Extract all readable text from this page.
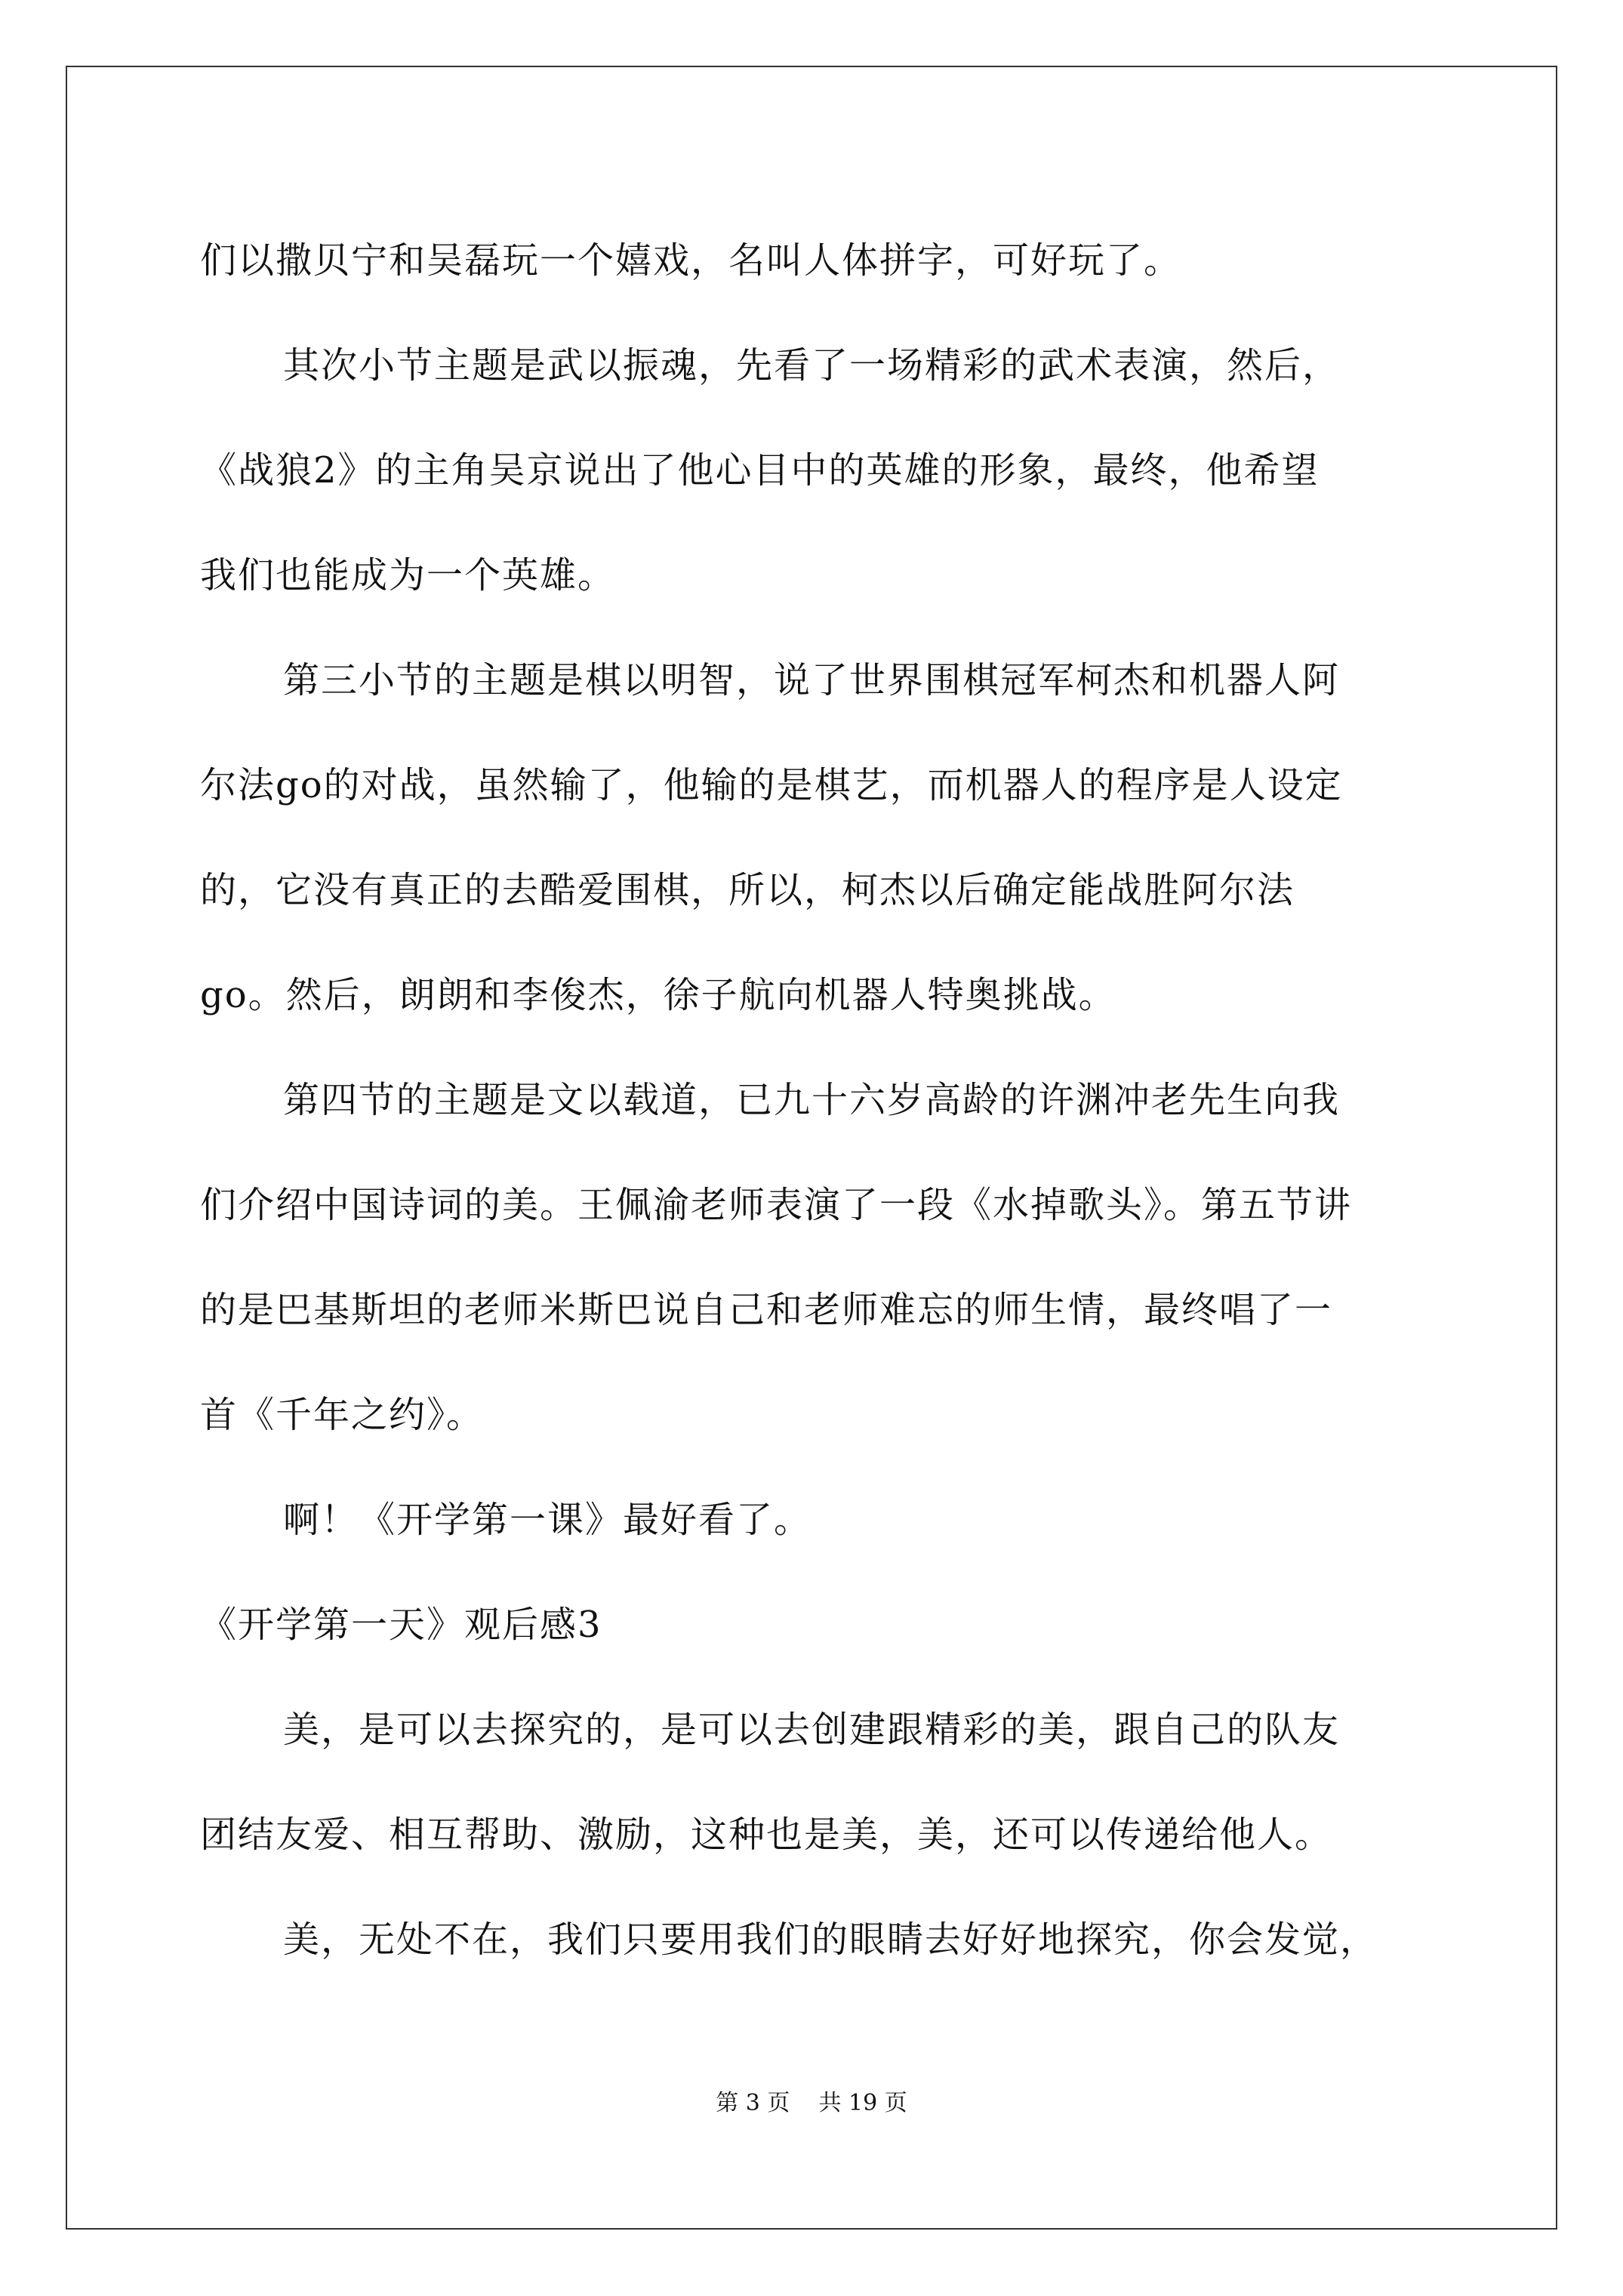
们以撒贝宁和吴磊玩一个嬉戏，名叫人体拼字，可好玩了。
其次小节主题是武以振魂，先看了一场精彩的武术表演，然后，
《战狼2》的主角吴京说出了他心目中的英雄的形象，最终，他希望
我们也能成为一个英雄。
第三小节的主题是棋以明智，说了世界围棋冠军柯杰和机器人阿
尔法go的对战，虽然输了，他输的是棋艺，而机器人的程序是人设定
的，它没有真正的去酷爱围棋，所以，柯杰以后确定能战胜阿尔法
go。然后，朗朗和李俊杰，徐子航向机器人特奥挑战。
第四节的主题是文以载道，已九十六岁高龄的许渊冲老先生向我
们介绍中国诗词的美。王佩渝老师表演了一段《水掉歌头》。第五节讲
的是巴基斯坦的老师米斯巴说自己和老师难忘的师生情，最终唱了一
首《千年之约》。
啊！《开学第一课》最好看了。
《开学第一天》观后感3
美，是可以去探究的，是可以去创建跟精彩的美，跟自己的队友
团结友爱、相互帮助、激励，这种也是美，美，还可以传递给他人。
美，无处不在，我们只要用我们的眼睛去好好地探究，你会发觉，
第 3 页    共 19 页
